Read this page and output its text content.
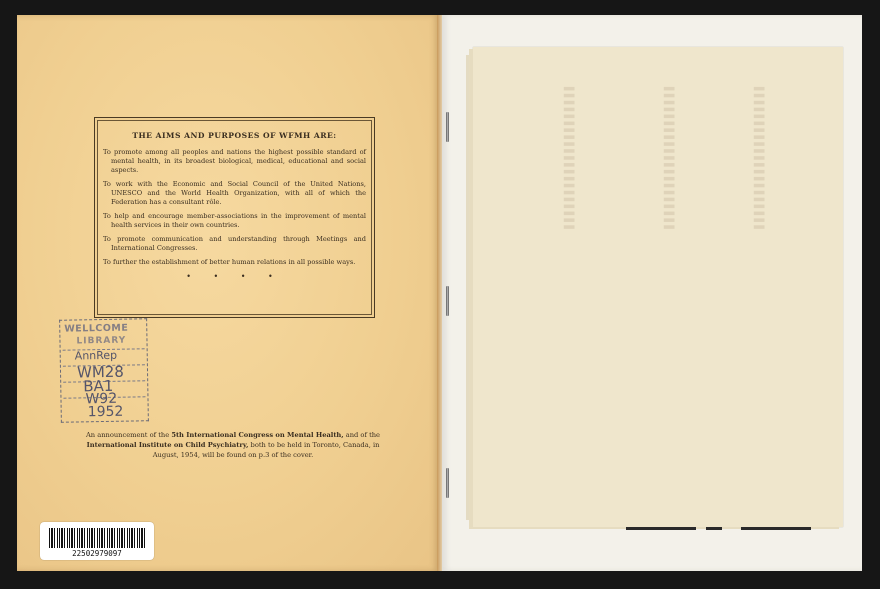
▌▌▌▌▌▌▌▌▌▌▌▌▌▌▌▌▌▌▌▌▌	▌▌▌▌▌▌▌▌▌▌▌▌▌▌▌▌▌▌▌▌▌	▌▌▌▌▌▌▌▌▌▌▌▌▌▌▌▌▌▌▌▌▌
THE AIMS AND PURPOSES OF WFMH ARE:
To promote among all peoples and nations the highest possible standard of mental health, in its broadest biological, medical, educational and social aspects.
To work with the Economic and Social Council of the United Nations, UNESCO and the World Health Organization, with all of which the Federation has a consultant rôle.
To help and encourage member-associations in the improvement of mental health services in their own countries.
To promote communication and understanding through Meetings and International Congresses.
To further the establishment of better human relations in all possible ways.
• • • •
WELLCOME
LIBRARY
AnnRep
WM28
BA1
W92
1952
An announcement of the 5th International Congress on Mental Health, and of the International Institute on Child Psychiatry, both to be held in Toronto, Canada, in August, 1954, will be found on p.3 of the cover.
22502979097
